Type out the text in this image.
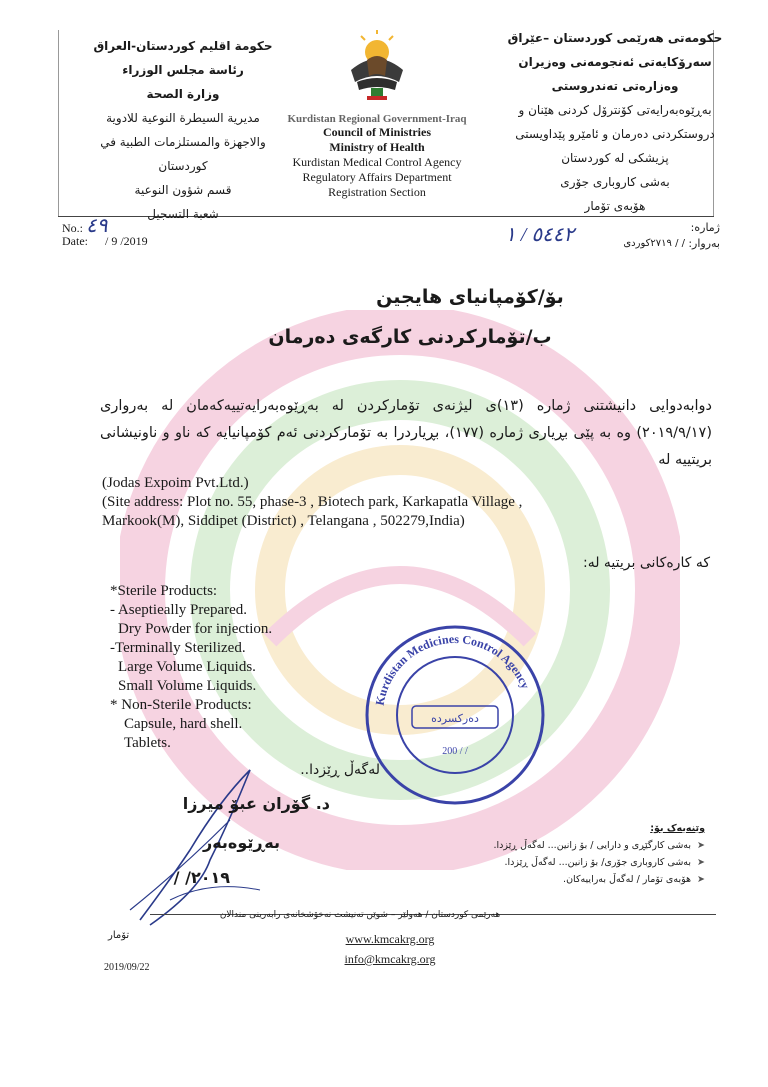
حكومة اقليم كوردستان-العراق
رئاسة مجلس الوزراء
وزارة الصحة
مديرية السيطرة النوعية للادوية
والاجهزة والمستلزمات الطبية في
كوردستان
قسم شؤون النوعية
شعبة التسجيل
Kurdistan Regional Government-Iraq
Council of Ministries
Ministry of Health
Kurdistan Medical Control Agency
Regulatory Affairs Department
Registration Section
حکومەتی هەرێمی کوردستان –عێراق
سەرۆکایەتی ئەنجومەنی وەزیران
وەزارەتی تەندروستی
بەڕێوەبەرایەتی کۆنترۆل کردنی هێنان و
دروستکردنی دەرمان و ئامێرو پێداویستی
پزیشکی لە کوردستان
بەشی کاروباری جۆری
هۆبەی تۆمار
No.: ٤٩
Date: / 9 /2019	٥٤٤٢ / ١	ژمارە:
بەروار:
/ / ٢٧١٩كوردی
بۆ/کۆمپانیای هایجین
ب/تۆمارکردنی کارگەی دەرمان
دوابەدوایی دانیشتنی ژمارە (١٣)ی لیژنەی تۆمارکردن لە بەڕێوەبەرایەتییەکەمان لە بەرواری (٢٠١٩/٩/١٧) وە بە پێی بڕیاری ژمارە (١٧٧)، بڕیاردرا بە تۆمارکردنی ئەم کۆمپانیایە کە ناو و ناونیشانی بریتییە لە
(Jodas Expoim Pvt.Ltd.)
(Site address: Plot no. 55, phase-3 , Biotech park, Karkapatla Village ,
Markook(M), Siddipet (District) , Telangana , 502279,India)
کە کارەکانی بریتیە لە:
*Sterile Products:
- Aseptieally Prepared.
Dry Powder for injection.
-Terminally Sterilized.
Large Volume Liquids.
Small Volume Liquids.
* Non-Sterile Products:
Capsule, hard shell.
Tablets.
Kurdistan Medicines Control Agency
دەرکسردە
200 / /
لەگەڵ ڕێزدا..
د. گۆران عبۆ میرزا
بەڕێوەبەر
٢٠١٩/ /
وێنەیەک بۆ:
➤بەشی کارگێڕی و دارایی / بۆ زانین... لەگەڵ ڕێزدا.
➤بەشی کاروباری جۆری/ بۆ زانین... لەگەڵ ڕێزدا.
➤هۆبەی تۆمار / لەگەڵ بەراییەکان.
هەرێمی کوردستان / هەولێر – شوێن تەنیشت نەخۆشخانەی رابەرینی مندالان
www.kmcakrg.org
info@kmcakrg.org
تۆمار
2019/09/22
